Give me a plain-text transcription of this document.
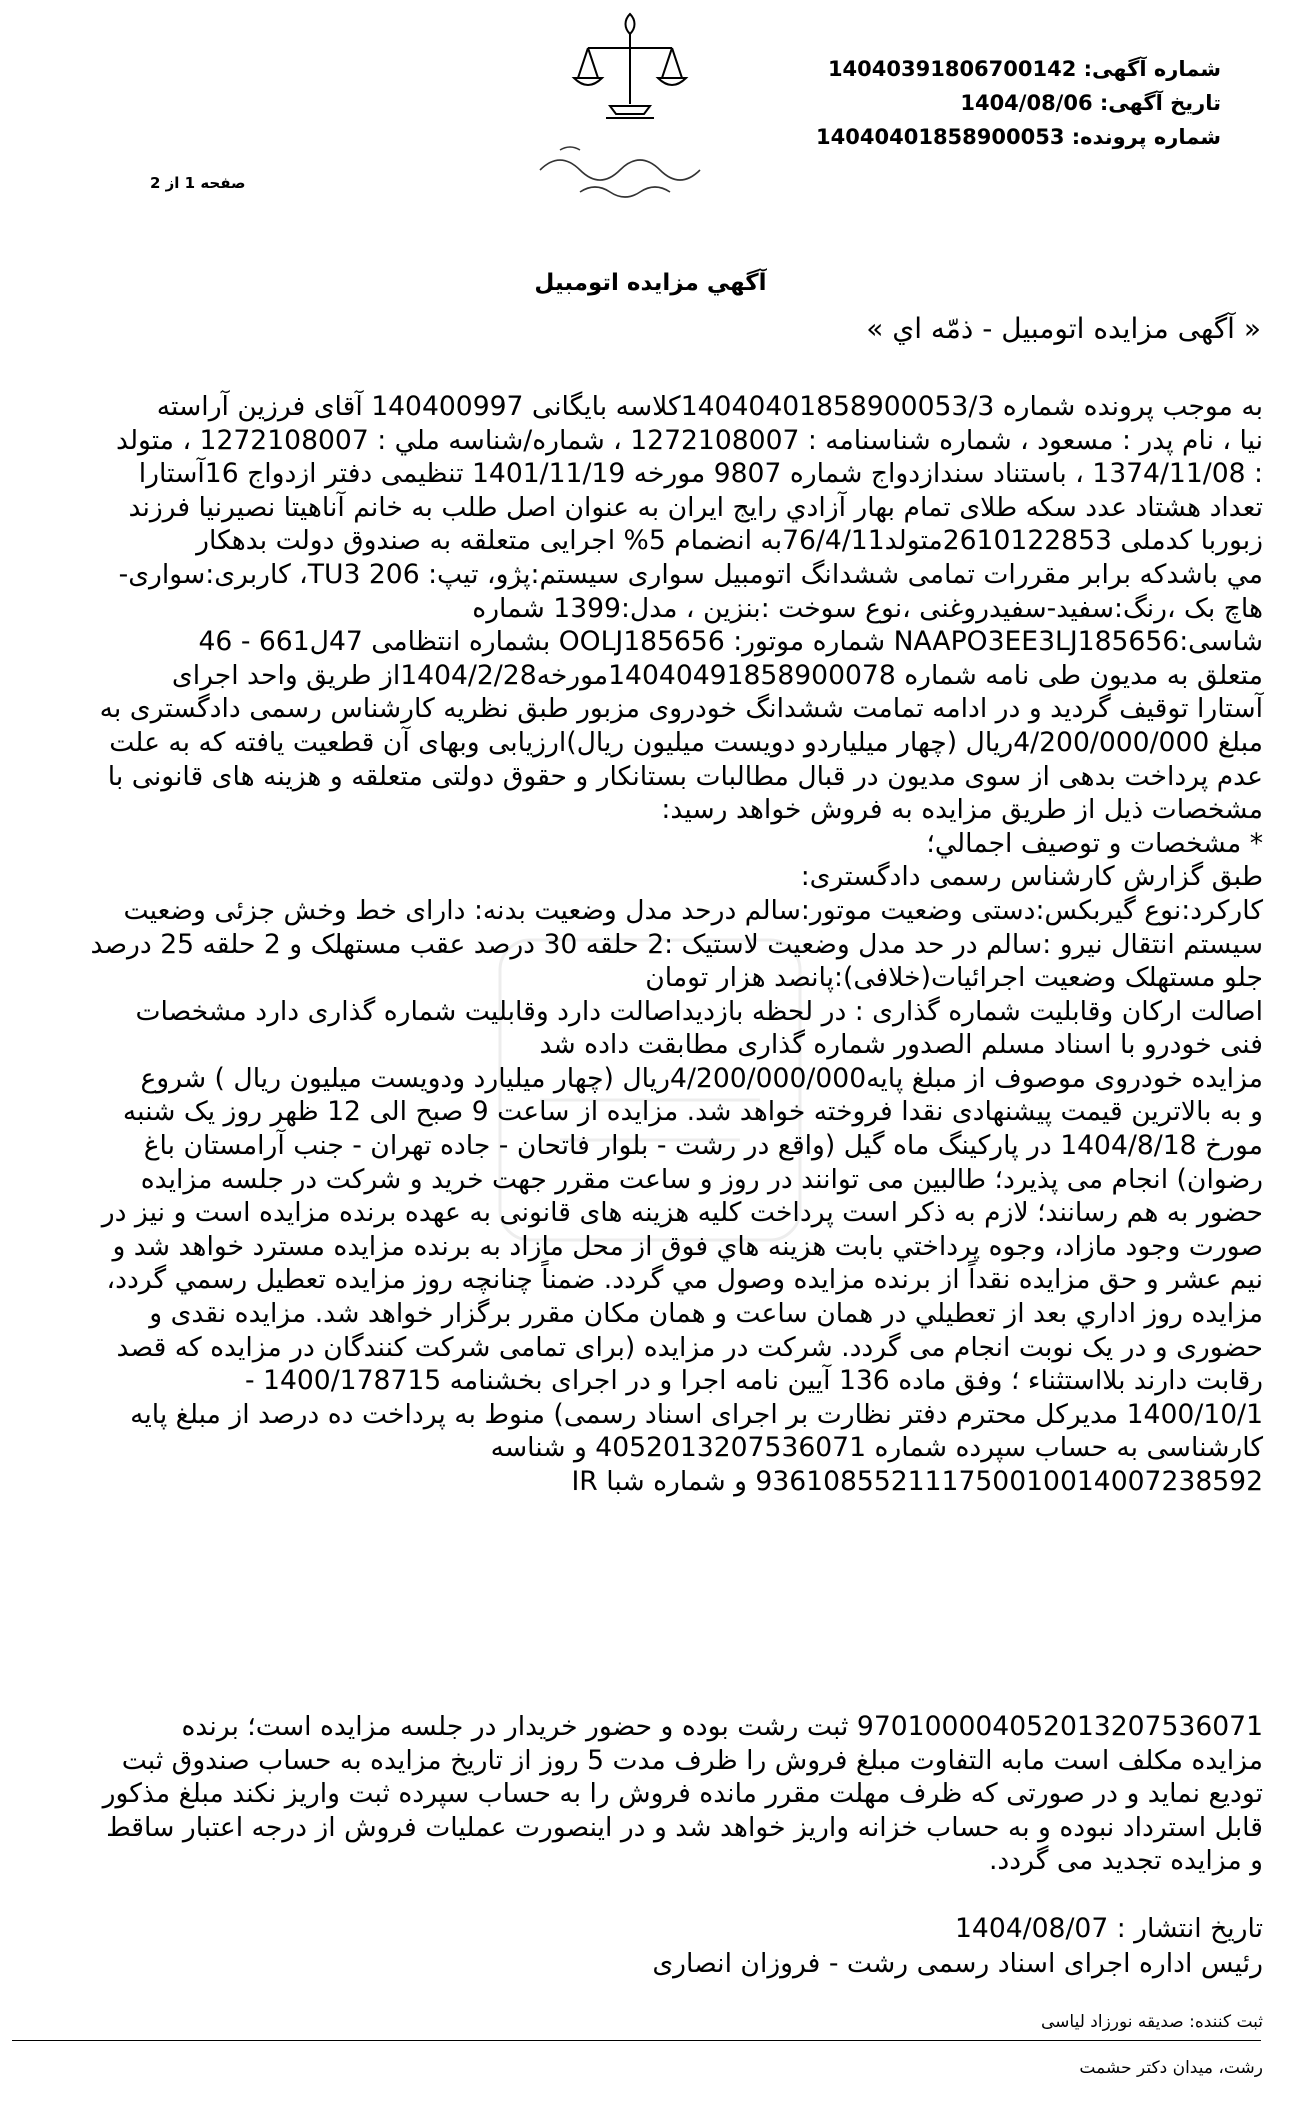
شماره آگهی: 14040391806700142
تاریخ آگهی: 1404/08/06
شماره پرونده: 14040401858900053
صفحه 1 از 2
آگهي مزايده اتومبيل
« آگهی مزایده اتومبیل - ذمّه اي »
به موجب پرونده شماره 14040401858900053/3کلاسه بایگانی 140400997 آقای فرزین آراسته
نیا ، نام پدر : مسعود ، شماره شناسنامه : 1272108007 ، شماره/شناسه ملي : 1272108007 ، متولد
: 1374/11/08 ، باستناد سندازدواج شماره 9807 مورخه 1401/11/19 تنظیمی دفتر ازدواج 16آستارا
تعداد هشتاد عدد سکه طلای تمام بهار آزادي رايج ايران به عنوان اصل طلب به خانم آناهیتا نصیرنیا فرزند
زبوربا کدملی 2610122853متولد76/4/11به انضمام 5% اجرایی متعلقه به صندوق دولت بدهکار
مي باشدکه برابر مقررات تمامی ششدانگ اتومبیل سواری سیستم:پژو، تیپ: TU3 206، کاربری:سواری-
هاچ بک ،رنگ:سفید-سفیدروغنی ،نوع سوخت :بنزین ، مدل:1399 شماره
شاسی:NAAPO3EE3LJ185656 شماره موتور: OOLJ185656 بشماره انتظامی 47ل661 - 46
متعلق به مدیون طی نامه شماره 14040491858900078مورخه1404/2/28از طریق واحد اجرای
آستارا توقیف گردید و در ادامه تمامت ششدانگ خودروی مزبور طبق نظریه کارشناس رسمی دادگستری به
مبلغ 4/200/000/000ریال (چهار میلیاردو دویست میلیون ریال)ارزیابی وبهای آن قطعیت یافته که به علت
عدم پرداخت بدهی از سوی مدیون در قبال مطالبات بستانکار و حقوق دولتی متعلقه و هزینه های قانونی با
مشخصات ذیل از طریق مزایده به فروش خواهد رسید:
* مشخصات و توصیف اجمالي؛
طبق گزارش کارشناس رسمی دادگستری:
کارکرد:نوع گیربکس:دستی وضعیت موتور:سالم درحد مدل وضعیت بدنه: دارای خط وخش جزئی وضعیت
سیستم انتقال نیرو :سالم در حد مدل وضعیت لاستیک :2 حلقه 30 درصد عقب مستهلک و 2 حلقه 25 درصد
جلو مستهلک وضعیت اجرائیات(خلافی):پانصد هزار تومان
اصالت ارکان وقابلیت شماره گذاری : در لحظه بازدیداصالت دارد وقابلیت شماره گذاری دارد مشخصات
فنی خودرو با اسناد مسلم الصدور شماره گذاری مطابقت داده شد
مزایده خودروی موصوف از مبلغ پایه4/200/000/000ریال (چهار میلیارد ودویست میلیون ریال ) شروع
و به بالاترین قیمت پیشنهادی نقدا فروخته خواهد شد. مزایده از ساعت 9 صبح الی 12 ظهر روز یک شنبه
مورخ 1404/8/18 در پارکینگ ماه گیل (واقع در رشت - بلوار فاتحان - جاده تهران - جنب آرامستان باغ
رضوان) انجام می پذیرد؛ طالبین می توانند در روز و ساعت مقرر جهت خرید و شرکت در جلسه مزایده
حضور به هم رسانند؛ لازم به ذکر است پرداخت کلیه هزینه های قانونی به عهده برنده مزایده است و نیز در
صورت وجود مازاد، وجوه پرداختي بابت هزينه هاي فوق از محل مازاد به برنده مزايده مسترد خواهد شد و
نيم عشر و حق مزايده نقداً از برنده مزايده وصول مي گردد. ضمناً چنانچه روز مزايده تعطيل رسمي گردد،
مزايده روز اداري بعد از تعطيلي در همان ساعت و همان مكان مقرر برگزار خواهد شد. مزایده نقدی و
حضوری و در یک نوبت انجام می گردد. شرکت در مزایده (برای تمامی شرکت کنندگان در مزایده که قصد
رقابت دارند بلااستثناء ؛ وفق ماده 136 آیین نامه اجرا و در اجرای بخشنامه 1400/178715 -
1400/10/1 مدیرکل محترم دفتر نظارت بر اجرای اسناد رسمی) منوط به پرداخت ده درصد از مبلغ پایه
کارشناسی به حساب سپرده شماره 4052013207536071 و شناسه
936108552111750010014007238592 و شماره شبا IR
970100004052013207536071 ثبت رشت بوده و حضور خریدار در جلسه مزایده است؛ برنده
مزایده مکلف است مابه التفاوت مبلغ فروش را ظرف مدت 5 روز از تاریخ مزایده به حساب صندوق ثبت
تودیع نماید و در صورتی که ظرف مهلت مقرر مانده فروش را به حساب سپرده ثبت واریز نکند مبلغ مذکور
قابل استرداد نبوده و به حساب خزانه واریز خواهد شد و در اینصورت عملیات فروش از درجه اعتبار ساقط
و مزایده تجدید می گردد.
تاریخ انتشار : 1404/08/07
رئیس اداره اجرای اسناد رسمی رشت - فروزان انصاری
ثبت کننده: صدیقه نورزاد لیاسی
رشت، میدان دکتر حشمت
